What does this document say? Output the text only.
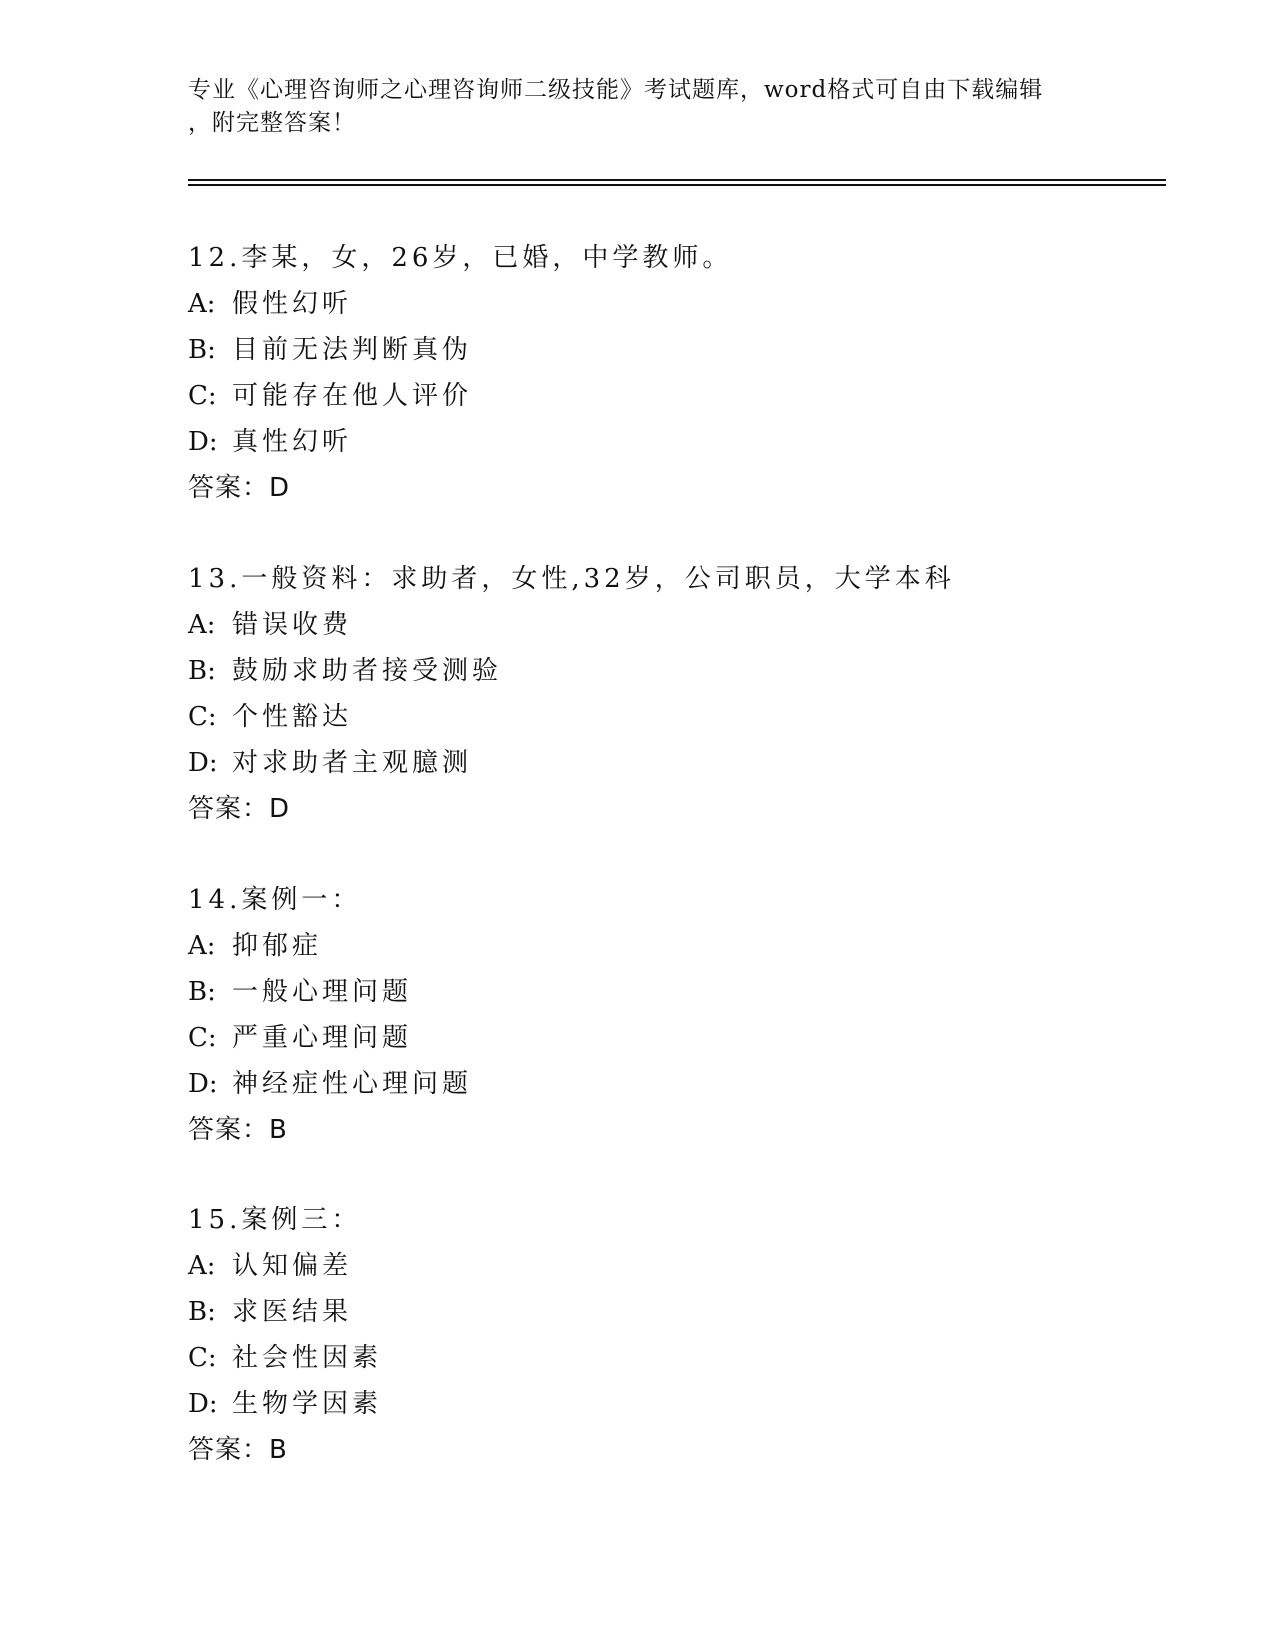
专业《心理咨询师之心理咨询师二级技能》考试题库，word格式可自由下载编辑
，附完整答案！
12.李某，女，26岁，已婚，中学教师。
A: 假性幻听
B: 目前无法判断真伪
C: 可能存在他人评价
D: 真性幻听
答案：D
13.一般资料：求助者，女性,32岁，公司职员，大学本科
A: 错误收费
B: 鼓励求助者接受测验
C: 个性豁达
D: 对求助者主观臆测
答案：D
14.案例一：
A: 抑郁症
B: 一般心理问题
C: 严重心理问题
D: 神经症性心理问题
答案：B
15.案例三：
A: 认知偏差
B: 求医结果
C: 社会性因素
D: 生物学因素
答案：B
